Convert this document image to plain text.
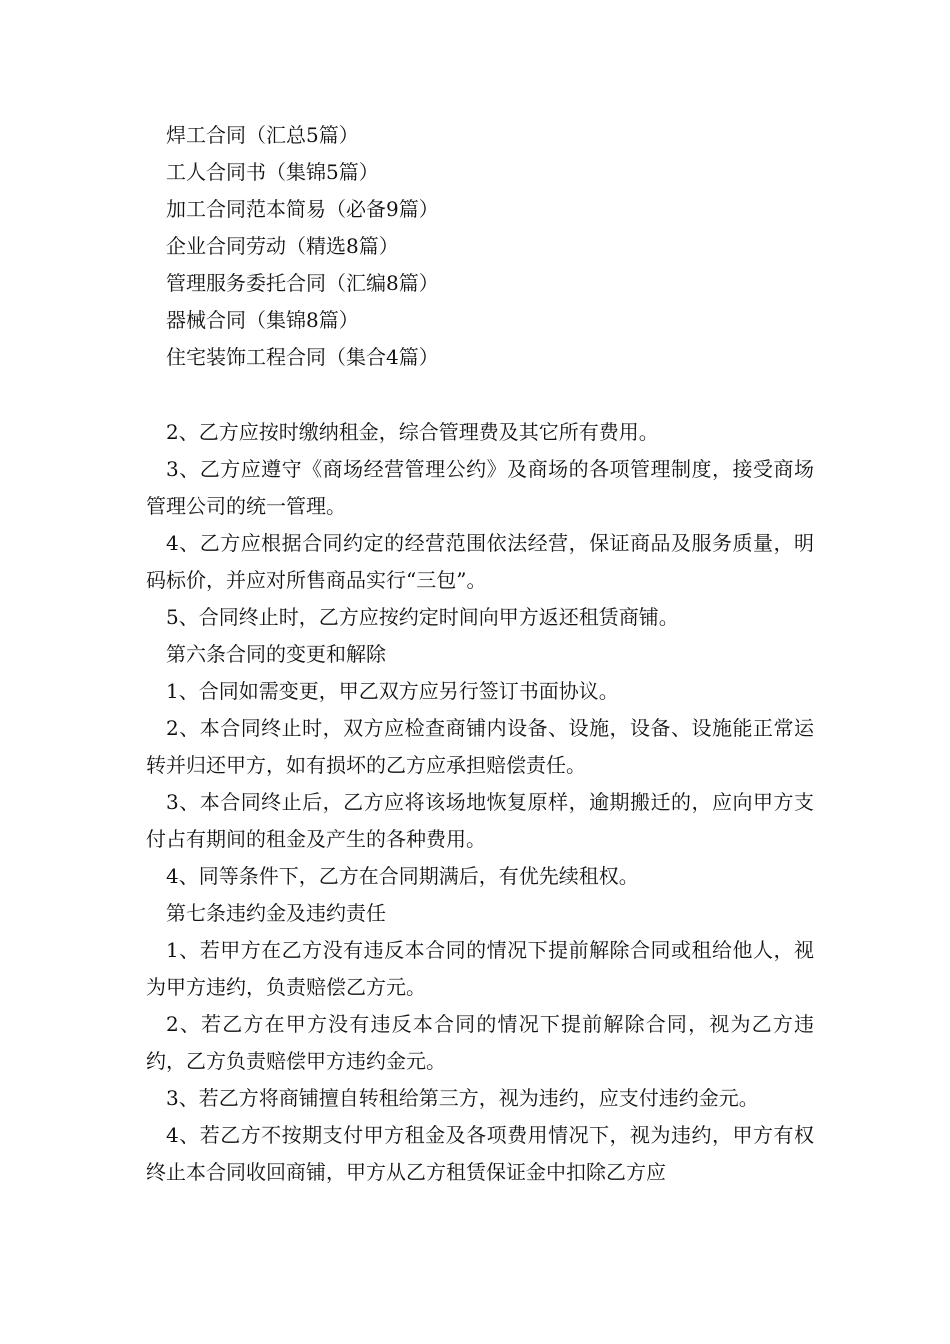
焊工合同（汇总5篇）
工人合同书（集锦5篇）
加工合同范本简易（必备9篇）
企业合同劳动（精选8篇）
管理服务委托合同（汇编8篇）
器械合同（集锦8篇）
住宅装饰工程合同（集合4篇）

2、乙方应按时缴纳租金，综合管理费及其它所有费用。

3、乙方应遵守《商场经营管理公约》及商场的各项管理制度，接受商场管理公司的统一管理。

4、乙方应根据合同约定的经营范围依法经营，保证商品及服务质量，明码标价，并应对所售商品实行“三包”。

5、合同终止时，乙方应按约定时间向甲方返还租赁商铺。

第六条合同的变更和解除

1、合同如需变更，甲乙双方应另行签订书面协议。

2、本合同终止时，双方应检查商铺内设备、设施，设备、设施能正常运转并归还甲方，如有损坏的乙方应承担赔偿责任。

3、本合同终止后，乙方应将该场地恢复原样，逾期搬迁的，应向甲方支付占有期间的租金及产生的各种费用。

4、同等条件下，乙方在合同期满后，有优先续租权。

第七条违约金及违约责任

1、若甲方在乙方没有违反本合同的情况下提前解除合同或租给他人，视为甲方违约，负责赔偿乙方元。

2、若乙方在甲方没有违反本合同的情况下提前解除合同，视为乙方违约，乙方负责赔偿甲方违约金元。

3、若乙方将商铺擅自转租给第三方，视为违约，应支付违约金元。

4、若乙方不按期支付甲方租金及各项费用情况下，视为违约，甲方有权终止本合同收回商铺，甲方从乙方租赁保证金中扣除乙方应
